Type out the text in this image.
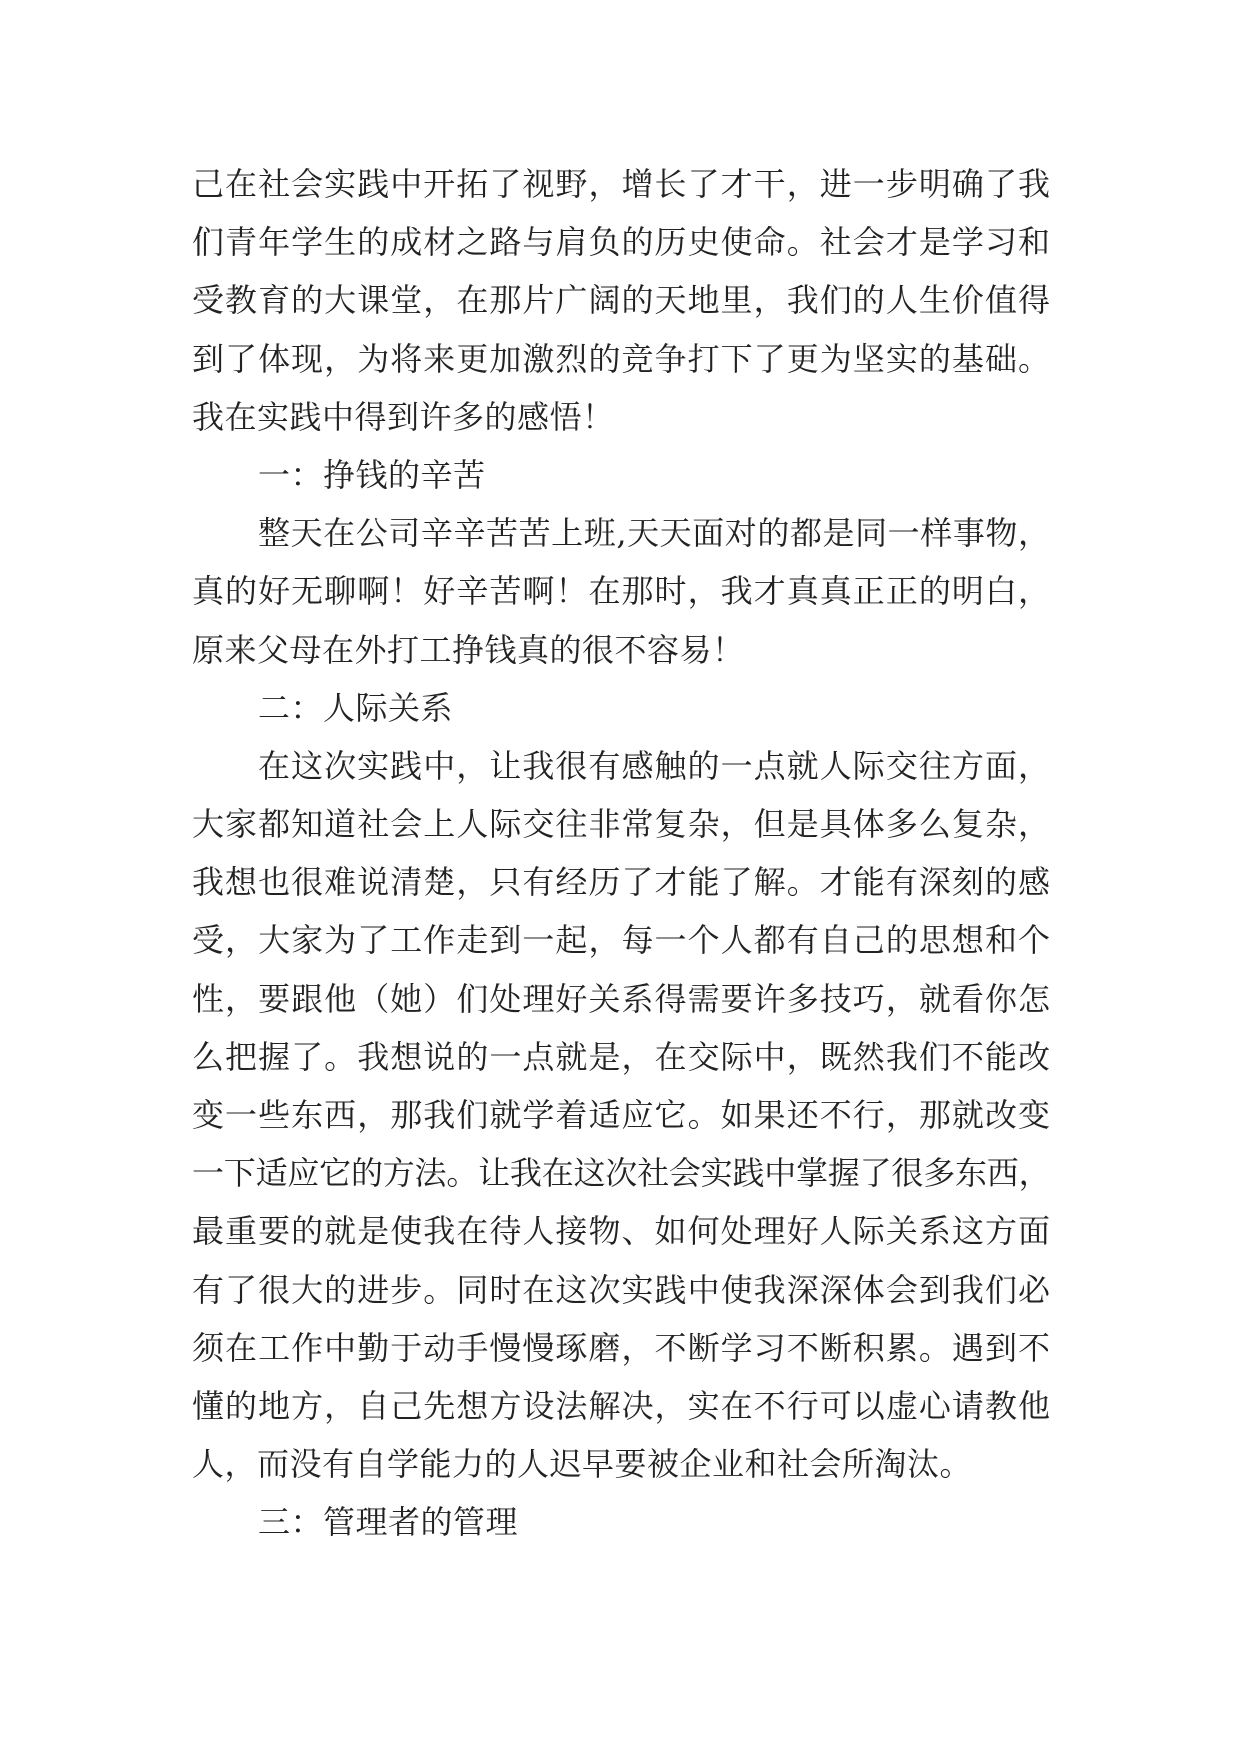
己在社会实践中开拓了视野，增长了才干，进一步明确了我
们青年学生的成材之路与肩负的历史使命。社会才是学习和
受教育的大课堂，在那片广阔的天地里，我们的人生价值得
到了体现，为将来更加激烈的竞争打下了更为坚实的基础。
我在实践中得到许多的感悟！
一：挣钱的辛苦
整天在公司辛辛苦苦上班,天天面对的都是同一样事物，
真的好无聊啊！好辛苦啊！在那时，我才真真正正的明白，
原来父母在外打工挣钱真的很不容易！
二：人际关系
在这次实践中，让我很有感触的一点就人际交往方面，
大家都知道社会上人际交往非常复杂，但是具体多么复杂，
我想也很难说清楚，只有经历了才能了解。才能有深刻的感
受，大家为了工作走到一起，每一个人都有自己的思想和个
性，要跟他（她）们处理好关系得需要许多技巧，就看你怎
么把握了。我想说的一点就是，在交际中，既然我们不能改
变一些东西，那我们就学着适应它。如果还不行，那就改变
一下适应它的方法。让我在这次社会实践中掌握了很多东西，
最重要的就是使我在待人接物、如何处理好人际关系这方面
有了很大的进步。同时在这次实践中使我深深体会到我们必
须在工作中勤于动手慢慢琢磨，不断学习不断积累。遇到不
懂的地方，自己先想方设法解决，实在不行可以虚心请教他
人，而没有自学能力的人迟早要被企业和社会所淘汰。
三：管理者的管理
